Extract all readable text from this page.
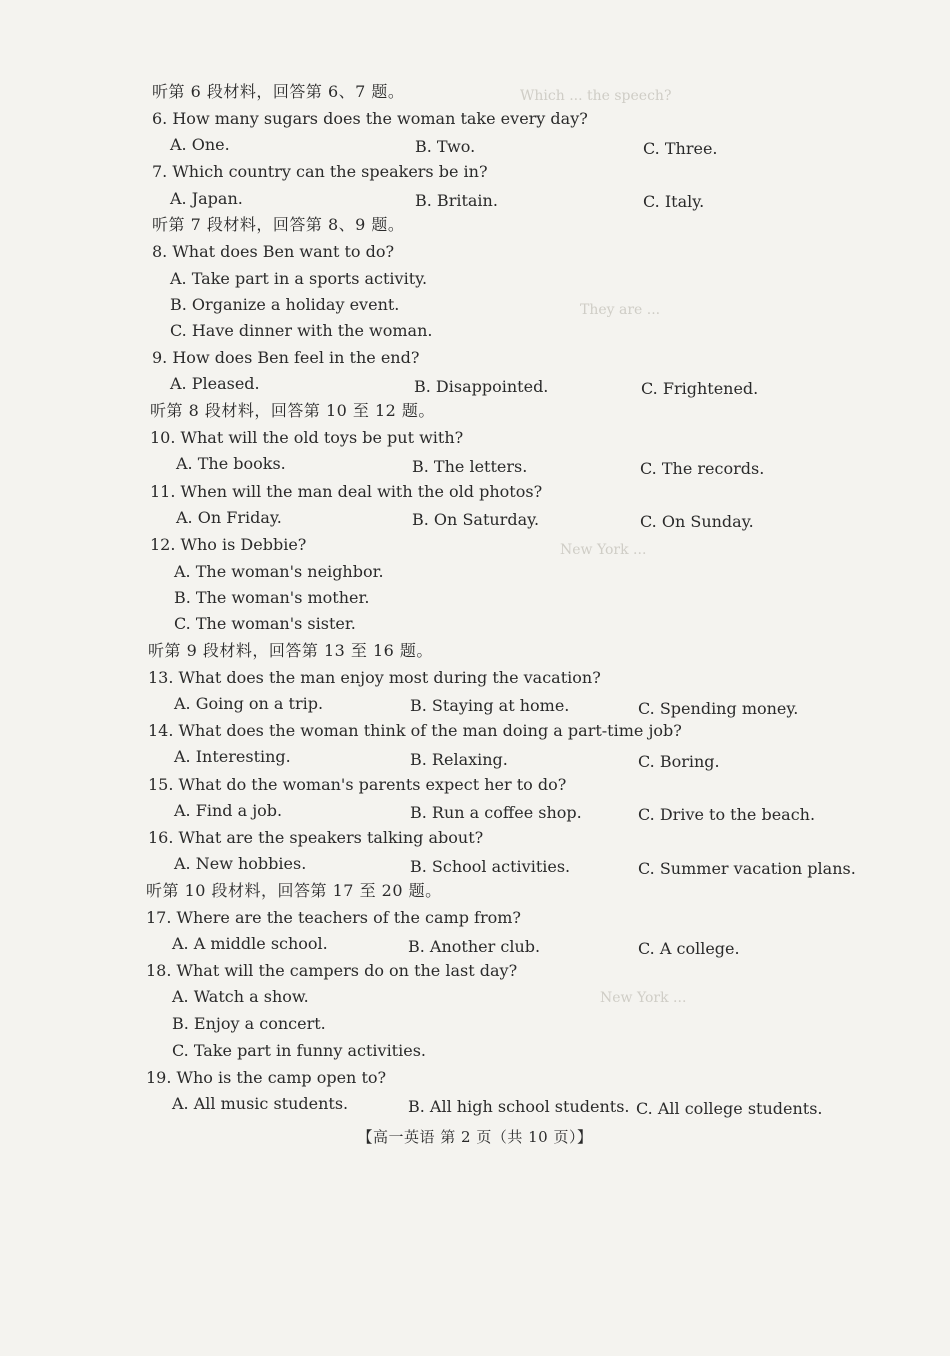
Which ... the speech?
They are ...
New York ...
New York ...
听第 6 段材料，回答第 6、7 题。
6. How many sugars does the woman take every day?
A. One.	B. Two.	C. Three.
7. Which country can the speakers be in?
A. Japan.	B. Britain.	C. Italy.
听第 7 段材料，回答第 8、9 题。
8. What does Ben want to do?
A. Take part in a sports activity.
B. Organize a holiday event.
C. Have dinner with the woman.
9. How does Ben feel in the end?
A. Pleased.	B. Disappointed.	C. Frightened.
听第 8 段材料，回答第 10 至 12 题。
10. What will the old toys be put with?
A. The books.	B. The letters.	C. The records.
11. When will the man deal with the old photos?
A. On Friday.	B. On Saturday.	C. On Sunday.
12. Who is Debbie?
A. The woman's neighbor.
B. The woman's mother.
C. The woman's sister.
听第 9 段材料，回答第 13 至 16 题。
13. What does the man enjoy most during the vacation?
A. Going on a trip.	B. Staying at home.	C. Spending money.
14. What does the woman think of the man doing a part-time job?
A. Interesting.	B. Relaxing.	C. Boring.
15. What do the woman's parents expect her to do?
A. Find a job.	B. Run a coffee shop.	C. Drive to the beach.
16. What are the speakers talking about?
A. New hobbies.	B. School activities.	C. Summer vacation plans.
听第 10 段材料，回答第 17 至 20 题。
17. Where are the teachers of the camp from?
A. A middle school.	B. Another club.	C. A college.
18. What will the campers do on the last day?
A. Watch a show.
B. Enjoy a concert.
C. Take part in funny activities.
19. Who is the camp open to?
A. All music students.	B. All high school students. C. All college students.
【高一英语 第 2 页（共 10 页）】
